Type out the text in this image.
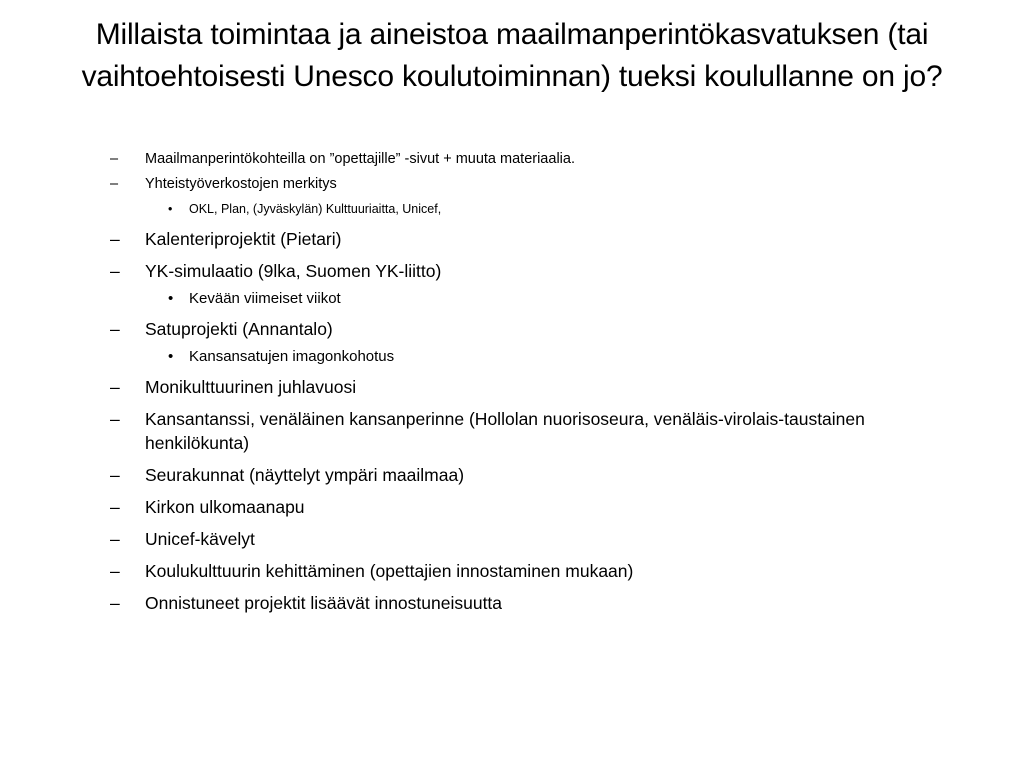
Millaista toimintaa ja aineistoa maailmanperintökasvatuksen (tai vaihtoehtoisesti Unesco koulutoiminnan) tueksi koulullanne on jo?
– Maailmanperintökohteilla on ”opettajille” -sivut + muuta materiaalia.
– Yhteistyöverkostojen merkitys
• OKL, Plan, (Jyväskylän) Kulttuuriaitta, Unicef,
– Kalenteriprojektit (Pietari)
– YK-simulaatio (9lka, Suomen YK-liitto)
• Kevään viimeiset viikot
– Satuprojekti (Annantalo)
• Kansansatujen imagonkohotus
– Monikulttuurinen juhlavuosi
– Kansantanssi, venäläinen kansanperinne (Hollolan nuorisoseura, venäläis-virolais-taustainen henkilökunta)
– Seurakunnat (näyttelyt ympäri maailmaa)
– Kirkon ulkomaanapu
– Unicef-kävelyt
– Koulukulttuurin kehittäminen (opettajien innostaminen mukaan)
– Onnistuneet projektit lisäävät innostuneisuutta
